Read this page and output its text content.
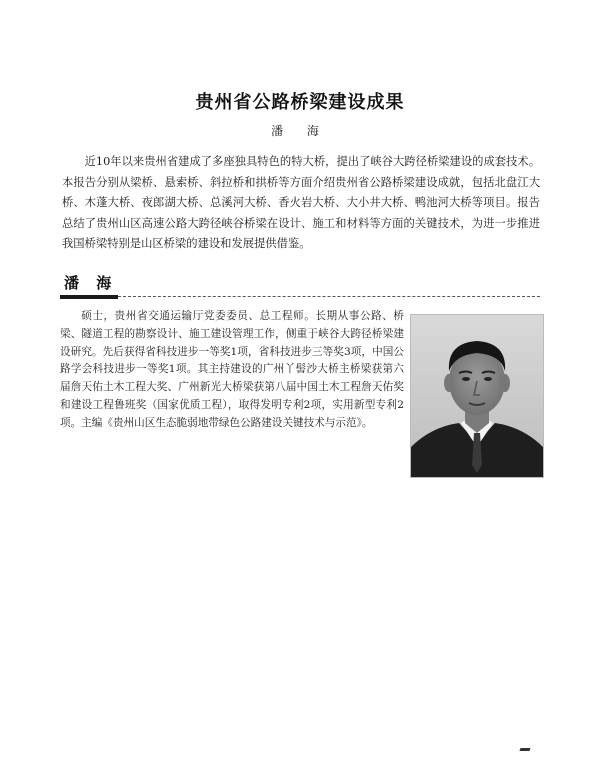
贵州省公路桥梁建设成果
潘 海

近10年以来贵州省建成了多座独具特色的特大桥，提出了峡谷大跨径桥梁建设的成套技术。本报告分别从梁桥、悬索桥、斜拉桥和拱桥等方面介绍贵州省公路桥梁建设成就，包括北盘江大桥、木蓬大桥、夜郎湖大桥、总溪河大桥、香火岩大桥、大小井大桥、鸭池河大桥等项目。报告总结了贵州山区高速公路大跨径峡谷桥梁在设计、施工和材料等方面的关键技术，为进一步推进我国桥梁特别是山区桥梁的建设和发展提供借鉴。

潘 海

硕士，贵州省交通运输厅党委委员、总工程师。长期从事公路、桥梁、隧道工程的勘察设计、施工建设管理工作，侧重于峡谷大跨径桥梁建设研究。先后获得省科技进步一等奖1项，省科技进步三等奖3项，中国公路学会科技进步一等奖1项。其主持建设的广州丫髻沙大桥主桥梁获第六届詹天佑土木工程大奖、广州新光大桥梁获第八届中国土木工程詹天佑奖和建设工程鲁班奖（国家优质工程），取得发明专利2项，实用新型专利2项。主编《贵州山区生态脆弱地带绿色公路建设关键技术与示范》。
